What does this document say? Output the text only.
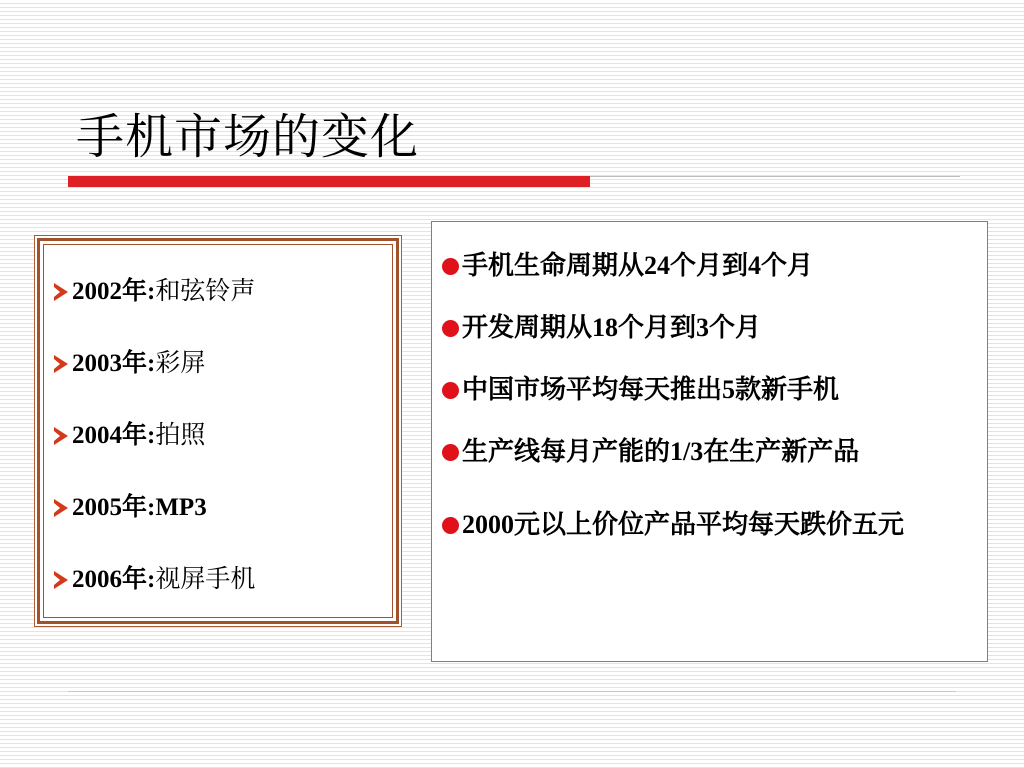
手机市场的变化
2002年: 和弦铃声
2003年: 彩屏
2004年: 拍照
2005年: MP3
2006年: 视屏手机
手机生命周期从24个月到4个月
开发周期从18个月到3个月
中国市场平均每天推出5款新手机
生产线每月产能的1/3在生产新产品
2000元以上价位产品平均每天跌价五元
